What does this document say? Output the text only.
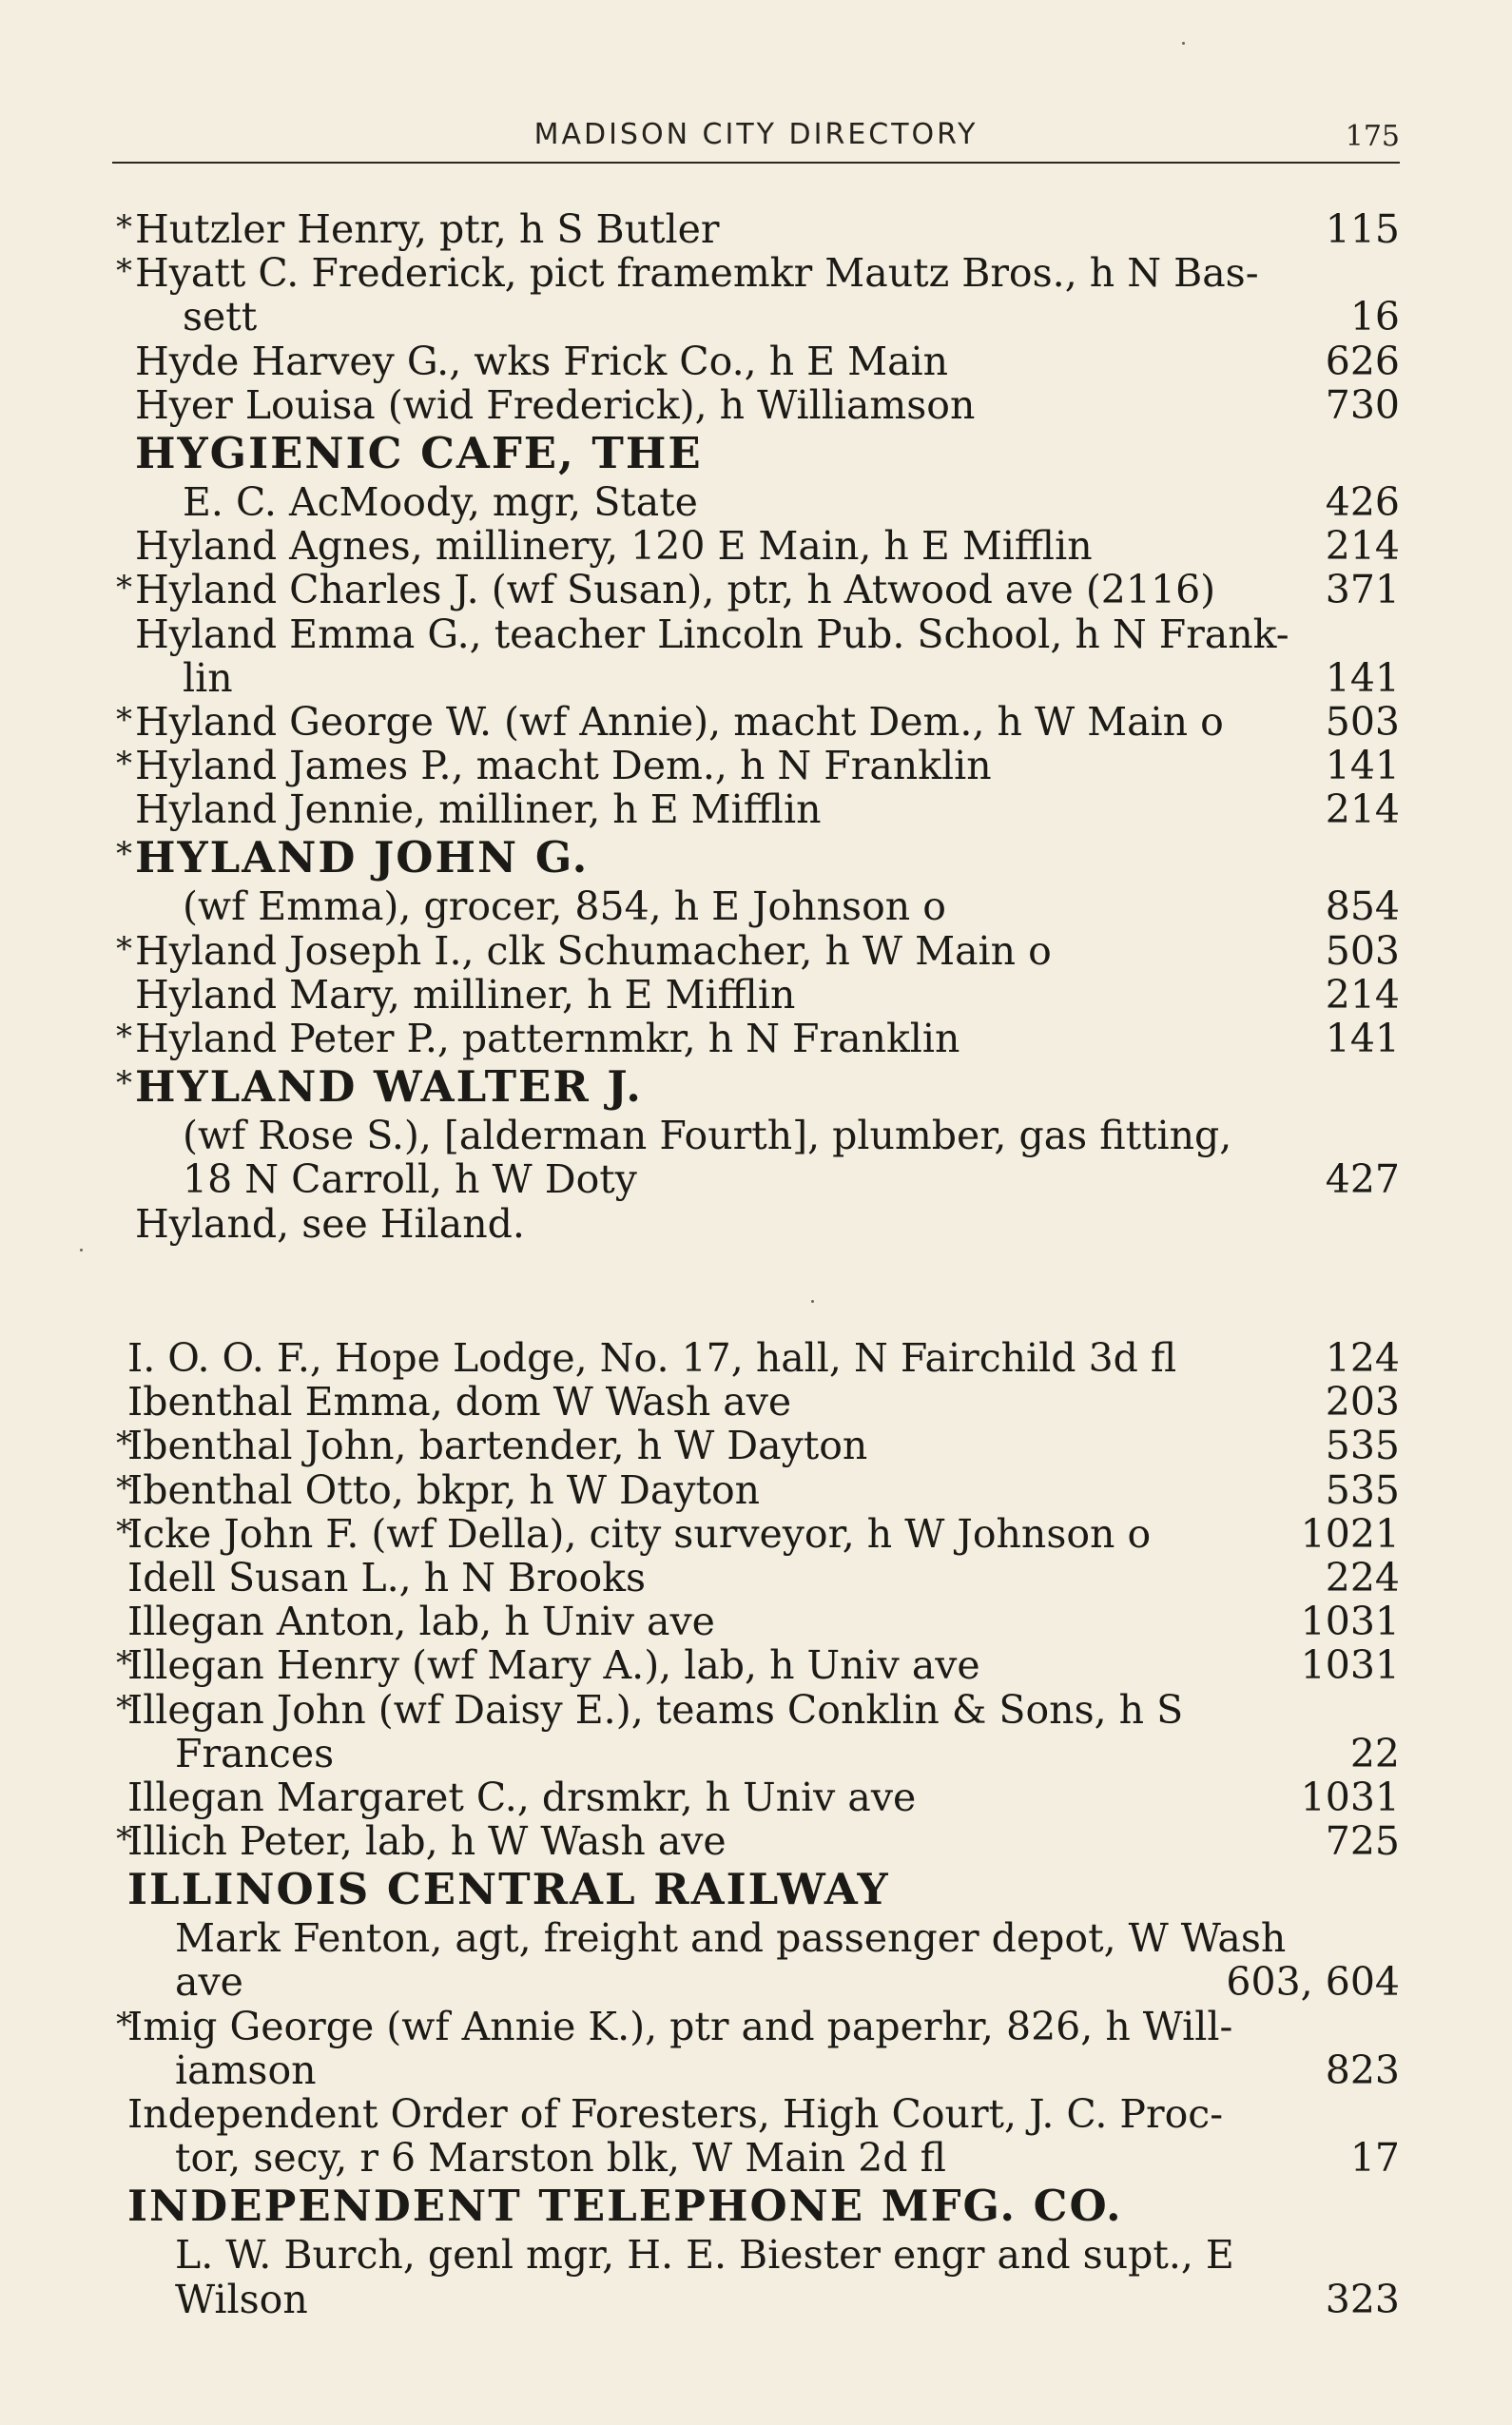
MADISON CITY DIRECTORY	175
* Hutzler Henry, ptr, h S Butler	115
* Hyatt C. Frederick, pict framemkr Mautz Bros., h N Bas-
sett	16
Hyde Harvey G., wks Frick Co., h E Main	626
Hyer Louisa (wid Frederick), h Williamson	730
HYGIENIC CAFE, THE
E. C. AcMoody, mgr, State	426
Hyland Agnes, millinery, 120 E Main, h E Mifflin	214
* Hyland Charles J. (wf Susan), ptr, h Atwood ave (2116)	371
Hyland Emma G., teacher Lincoln Pub. School, h N Frank-
lin	141
* Hyland George W. (wf Annie), macht Dem., h W Main o	503
* Hyland James P., macht Dem., h N Franklin	141
Hyland Jennie, milliner, h E Mifflin	214
* HYLAND JOHN G.
(wf Emma), grocer, 854, h E Johnson o	854
* Hyland Joseph I., clk Schumacher, h W Main o	503
Hyland Mary, milliner, h E Mifflin	214
* Hyland Peter P., patternmkr, h N Franklin	141
* HYLAND WALTER J.
(wf Rose S.), [alderman Fourth], plumber, gas fitting,
18 N Carroll, h W Doty	427
Hyland, see Hiland.
I. O. O. F., Hope Lodge, No. 17, hall, N Fairchild 3d fl	124
Ibenthal Emma, dom W Wash ave	203
*
Ibenthal John, bartender, h W Dayton	535
*
Ibenthal Otto, bkpr, h W Dayton	535
*
Icke John F. (wf Della), city surveyor, h W Johnson o	1021
Idell Susan L., h N Brooks	224
Illegan Anton, lab, h Univ ave	1031
*
Illegan Henry (wf Mary A.), lab, h Univ ave	1031
*
Illegan John (wf Daisy E.), teams Conklin & Sons, h S
Frances	22
Illegan Margaret C., drsmkr, h Univ ave	1031
*
Illich Peter, lab, h W Wash ave	725
ILLINOIS CENTRAL RAILWAY
Mark Fenton, agt, freight and passenger depot, W Wash
ave	603, 604
*
Imig George (wf Annie K.), ptr and paperhr, 826, h Will-
iamson	823
Independent Order of Foresters, High Court, J. C. Proc-
tor, secy, r 6 Marston blk, W Main 2d fl	17
INDEPENDENT TELEPHONE MFG. CO.
L. W. Burch, genl mgr, H. E. Biester engr and supt., E
Wilson	323
